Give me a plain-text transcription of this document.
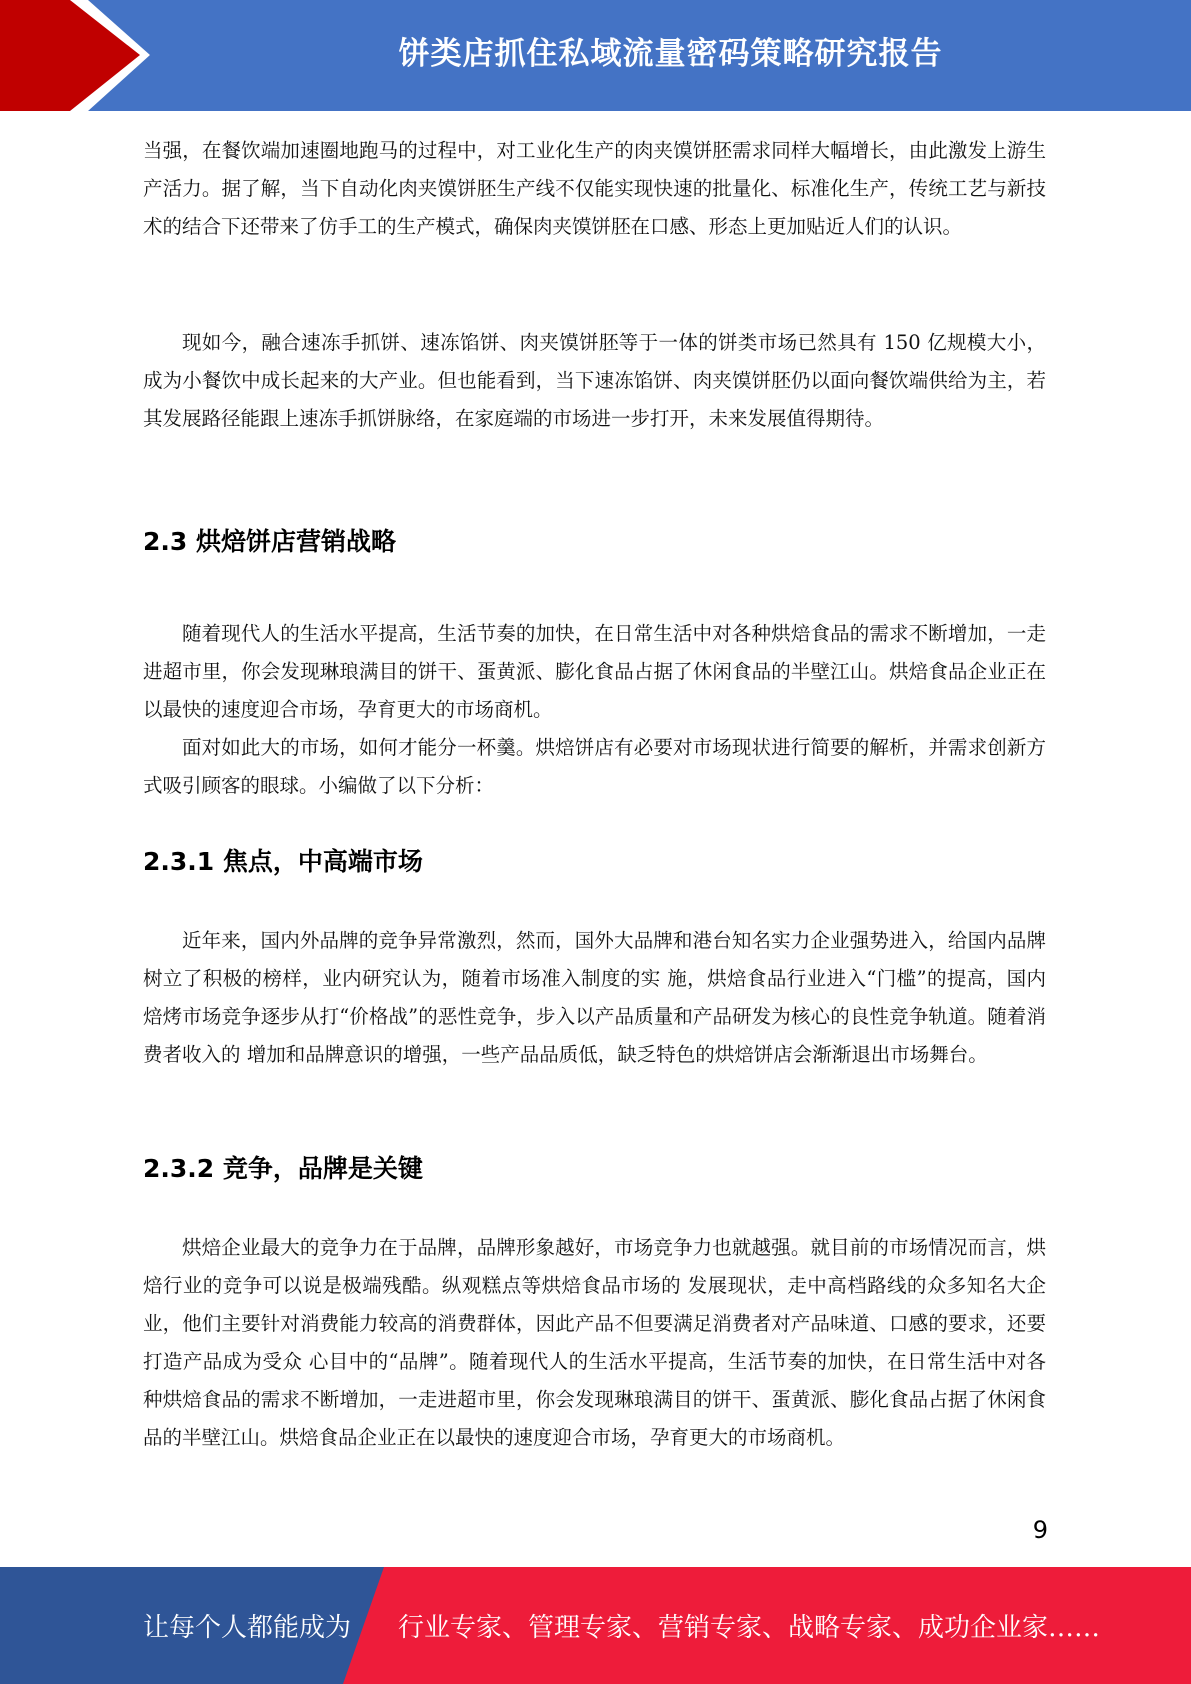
饼类店抓住私域流量密码策略研究报告

当强，在餐饮端加速圈地跑马的过程中，对工业化生产的肉夹馍饼胚需求同样大幅增长，由此激发上游生产活力。据了解，当下自动化肉夹馍饼胚生产线不仅能实现快速的批量化、标准化生产，传统工艺与新技术的结合下还带来了仿手工的生产模式，确保肉夹馍饼胚在口感、形态上更加贴近人们的认识。

现如今，融合速冻手抓饼、速冻馅饼、肉夹馍饼胚等于一体的饼类市场已然具有 150 亿规模大小，成为小餐饮中成长起来的大产业。但也能看到，当下速冻馅饼、肉夹馍饼胚仍以面向餐饮端供给为主，若其发展路径能跟上速冻手抓饼脉络，在家庭端的市场进一步打开，未来发展值得期待。

2.3 烘焙饼店营销战略

随着现代人的生活水平提高，生活节奏的加快，在日常生活中对各种烘焙食品的需求不断增加，一走进超市里，你会发现琳琅满目的饼干、蛋黄派、膨化食品占据了休闲食品的半壁江山。烘焙食品企业正在以最快的速度迎合市场，孕育更大的市场商机。

面对如此大的市场，如何才能分一杯羹。烘焙饼店有必要对市场现状进行简要的解析，并需求创新方式吸引顾客的眼球。小编做了以下分析：

2.3.1 焦点，中高端市场

近年来，国内外品牌的竞争异常激烈，然而，国外大品牌和港台知名实力企业强势进入，给国内品牌树立了积极的榜样，业内研究认为，随着市场准入制度的实 施，烘焙食品行业进入“门槛”的提高，国内焙烤市场竞争逐步从打“价格战”的恶性竞争，步入以产品质量和产品研发为核心的良性竞争轨道。随着消费者收入的 增加和品牌意识的增强，一些产品品质低，缺乏特色的烘焙饼店会渐渐退出市场舞台。

2.3.2 竞争，品牌是关键

烘焙企业最大的竞争力在于品牌，品牌形象越好，市场竞争力也就越强。就目前的市场情况而言，烘焙行业的竞争可以说是极端残酷。纵观糕点等烘焙食品市场的 发展现状，走中高档路线的众多知名大企业，他们主要针对消费能力较高的消费群体，因此产品不但要满足消费者对产品味道、口感的要求，还要打造产品成为受众 心目中的“品牌”。随着现代人的生活水平提高，生活节奏的加快，在日常生活中对各种烘焙食品的需求不断增加，一走进超市里，你会发现琳琅满目的饼干、蛋黄派、膨化食品占据了休闲食品的半壁江山。烘焙食品企业正在以最快的速度迎合市场，孕育更大的市场商机。

9
让每个人都能成为 行业专家、管理专家、营销专家、战略专家、成功企业家……
